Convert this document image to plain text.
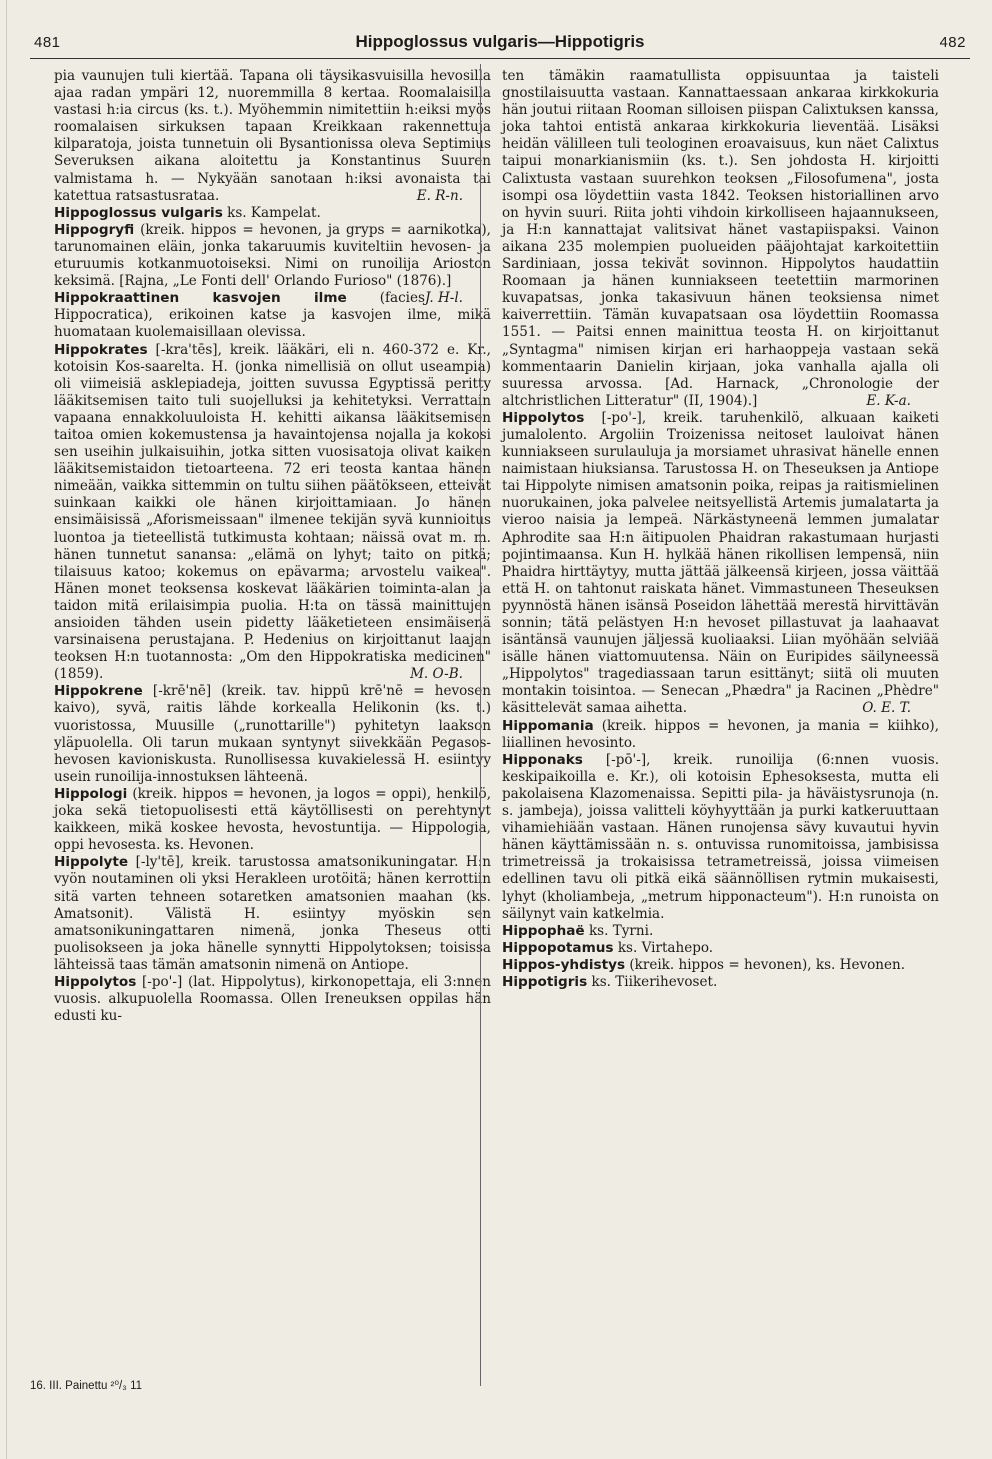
481	Hippoglossus vulgaris—Hippotigris	482

pia vaunujen tuli kiertää. Tapana oli täysikasvuisilla hevosilla ajaa radan ympäri 12, nuoremmilla 8 kertaa. Roomalaisilla vastasi h:ia circus (ks. t.). Myöhemmin nimitettiin h:eiksi myös roomalaisen sirkuksen tapaan Kreikkaan rakennettuja kilparatoja, joista tunnetuin oli Bysantionissa oleva Septimius Severuksen aikana aloitettu ja Konstantinus Suuren valmistama h. — Nykyään sanotaan h:iksi avonaista tai katettua ratsastusrataa.	E. R-n.

Hippoglossus vulgaris ks. Kampelat.

Hippogryfi (kreik. hippos = hevonen, ja gryps = aarnikotka), tarunomainen eläin, jonka takaruumis kuviteltiin hevosen- ja eturuumis kotkanmuotoiseksi. Nimi on runoilija Arioston keksimä. [Rajna, „Le Fonti dell' Orlando Furioso" (1876).]
J. H-l.

Hippokraattinen kasvojen ilme (facies Hippocratica), erikoinen katse ja kasvojen ilme, mikä huomataan kuolemaisillaan olevissa.

Hippokrates [-kra'tēs], kreik. lääkäri, eli n. 460-372 e. Kr., kotoisin Kos-saarelta. H. (jonka nimellisiä on ollut useampia) oli viimeisiä asklepiadeja, joitten suvussa Egyptissä peritty lääkitsemisen taito tuli suojelluksi ja kehitetyksi. Verrattain vapaana ennakkoluuloista H. kehitti aikansa lääkitsemisen taitoa omien kokemustensa ja havaintojensa nojalla ja kokosi sen useihin julkaisuihin, jotka sitten vuosisatoja olivat kaiken lääkitsemistaidon tietoarteena. 72 eri teosta kantaa hänen nimeään, vaikka sittemmin on tultu siihen päätökseen, etteivät suinkaan kaikki ole hänen kirjoittamiaan. Jo hänen ensimäisissä „Aforismeissaan" ilmenee tekijän syvä kunnioitus luontoa ja tieteellistä tutkimusta kohtaan; näissä ovat m. m. hänen tunnetut sanansa: „elämä on lyhyt; taito on pitkä; tilaisuus katoo; kokemus on epävarma; arvostelu vaikea". Hänen monet teoksensa koskevat lääkärien toiminta-alan ja taidon mitä erilaisimpia puolia. H:ta on tässä mainittujen ansioiden tähden usein pidetty lääketieteen ensimäisenä varsinaisena perustajana. P. Hedenius on kirjoittanut laajan teoksen H:n tuotannosta: „Om den Hippokratiska medicinen" (1859).	M. O-B.

Hippokrene [-krē'nē] (kreik. tav. hippū krē'nē = hevosen kaivo), syvä, raitis lähde korkealla Helikonin (ks. t.) vuoristossa, Muusille („runottarille") pyhitetyn laakson yläpuolella. Oli tarun mukaan syntynyt siivekkään Pegasos-hevosen kavioniskusta. Runollisessa kuvakielessä H. esiintyy usein runoilija-innostuksen lähteenä.

Hippologi (kreik. hippos = hevonen, ja logos = oppi), henkilö, joka sekä tietopuolisesti että käytöllisesti on perehtynyt kaikkeen, mikä koskee hevosta, hevostuntija. — Hippologia, oppi hevosesta. ks. Hevonen.

Hippolyte [-ly'tē], kreik. tarustossa amatsonikuningatar. H:n vyön noutaminen oli yksi Herakleen urotöitä; hänen kerrottiin sitä varten tehneen sotaretken amatsonien maahan (ks. Amatsonit). Välistä H. esiintyy myöskin sen amatsonikuningattaren nimenä, jonka Theseus otti puolisokseen ja joka hänelle synnytti Hippolytoksen; toisissa lähteissä taas tämän amatsonin nimenä on Antiope.

Hippolytos [-po'-] (lat. Hippolytus), kirkonopettaja, eli 3:nnen vuosis. alkupuolella Roomassa. Ollen Ireneuksen oppilas hän edusti ku-

ten tämäkin raamatullista oppisuuntaa ja taisteli gnostilaisuutta vastaan. Kannattaessaan ankaraa kirkkokuria hän joutui riitaan Rooman silloisen piispan Calixtuksen kanssa, joka tahtoi entistä ankaraa kirkkokuria lieventää. Lisäksi heidän välilleen tuli teologinen eroavaisuus, kun näet Calixtus taipui monarkianismiin (ks. t.). Sen johdosta H. kirjoitti Calixtusta vastaan suurehkon teoksen „Filosofumena", josta isompi osa löydettiin vasta 1842. Teoksen historiallinen arvo on hyvin suuri. Riita johti vihdoin kirkolliseen hajaannukseen, ja H:n kannattajat valitsivat hänet vastapiispaksi. Vainon aikana 235 molempien puolueiden pääjohtajat karkoitettiin Sardiniaan, jossa tekivät sovinnon. Hippolytos haudattiin Roomaan ja hänen kunniakseen teetettiin marmorinen kuvapatsas, jonka takasivuun hänen teoksiensa nimet kaiverrettiin. Tämän kuvapatsaan osa löydettiin Roomassa 1551. — Paitsi ennen mainittua teosta H. on kirjoittanut „Syntagma" nimisen kirjan eri harhaoppeja vastaan sekä kommentaarin Danielin kirjaan, joka vanhalla ajalla oli suuressa arvossa. [Ad. Harnack, „Chronologie der altchristlichen Litteratur" (II, 1904).]	E. K-a.

Hippolytos [-po'-], kreik. taruhenkilö, alkuaan kaiketi jumalolento. Argoliin Troizenissa neitoset lauloivat hänen kunniakseen surulauluja ja morsiamet uhrasivat hänelle ennen naimistaan hiuksiansa. Tarustossa H. on Theseuksen ja Antiope tai Hippolyte nimisen amatsonin poika, reipas ja raitismielinen nuorukainen, joka palvelee neitsyellistä Artemis jumalatarta ja vieroo naisia ja lempeä. Närkästyneenä lemmen jumalatar Aphrodite saa H:n äitipuolen Phaidran rakastumaan hurjasti pojintimaansa. Kun H. hylkää hänen rikollisen lempensä, niin Phaidra hirttäytyy, mutta jättää jälkeensä kirjeen, jossa väittää että H. on tahtonut raiskata hänet. Vimmastuneen Theseuksen pyynnöstä hänen isänsä Poseidon lähettää merestä hirvittävän sonnin; tätä pelästyen H:n hevoset pillastuvat ja laahaavat isäntänsä vaunujen jäljessä kuoliaaksi. Liian myöhään selviää isälle hänen viattomuutensa. Näin on Euripides säilyneessä „Hippolytos" tragediassaan tarun esittänyt; siitä oli muuten montakin toisintoa. — Senecan „Phædra" ja Racinen „Phèdre" käsittelevät samaa aihetta.	O. E. T.

Hippomania (kreik. hippos = hevonen, ja mania = kiihko), liiallinen hevosinto.

Hipponaks [-pō'-], kreik. runoilija (6:nnen vuosis. keskipaikoilla e. Kr.), oli kotoisin Ephesoksesta, mutta eli pakolaisena Klazomenaissa. Sepitti pila- ja häväistysrunoja (n. s. jambeja), joissa valitteli köyhyyttään ja purki katkeruuttaan vihamiehiään vastaan. Hänen runojensa sävy kuvautui hyvin hänen käyttämissään n. s. ontuvissa runomitoissa, jambisissa trimetreissä ja trokaisissa tetrametreissä, joissa viimeisen edellinen tavu oli pitkä eikä säännöllisen rytmin mukaisesti, lyhyt (kholiambeja, „metrum hipponacteum"). H:n runoista on säilynyt vain katkelmia.

Hippophaë ks. Tyrni.

Hippopotamus ks. Virtahepo.

Hippos-yhdistys (kreik. hippos = hevonen), ks. Hevonen.

Hippotigris ks. Tiikerihevoset.

16. III. Painettu ²⁰/₃ 11
